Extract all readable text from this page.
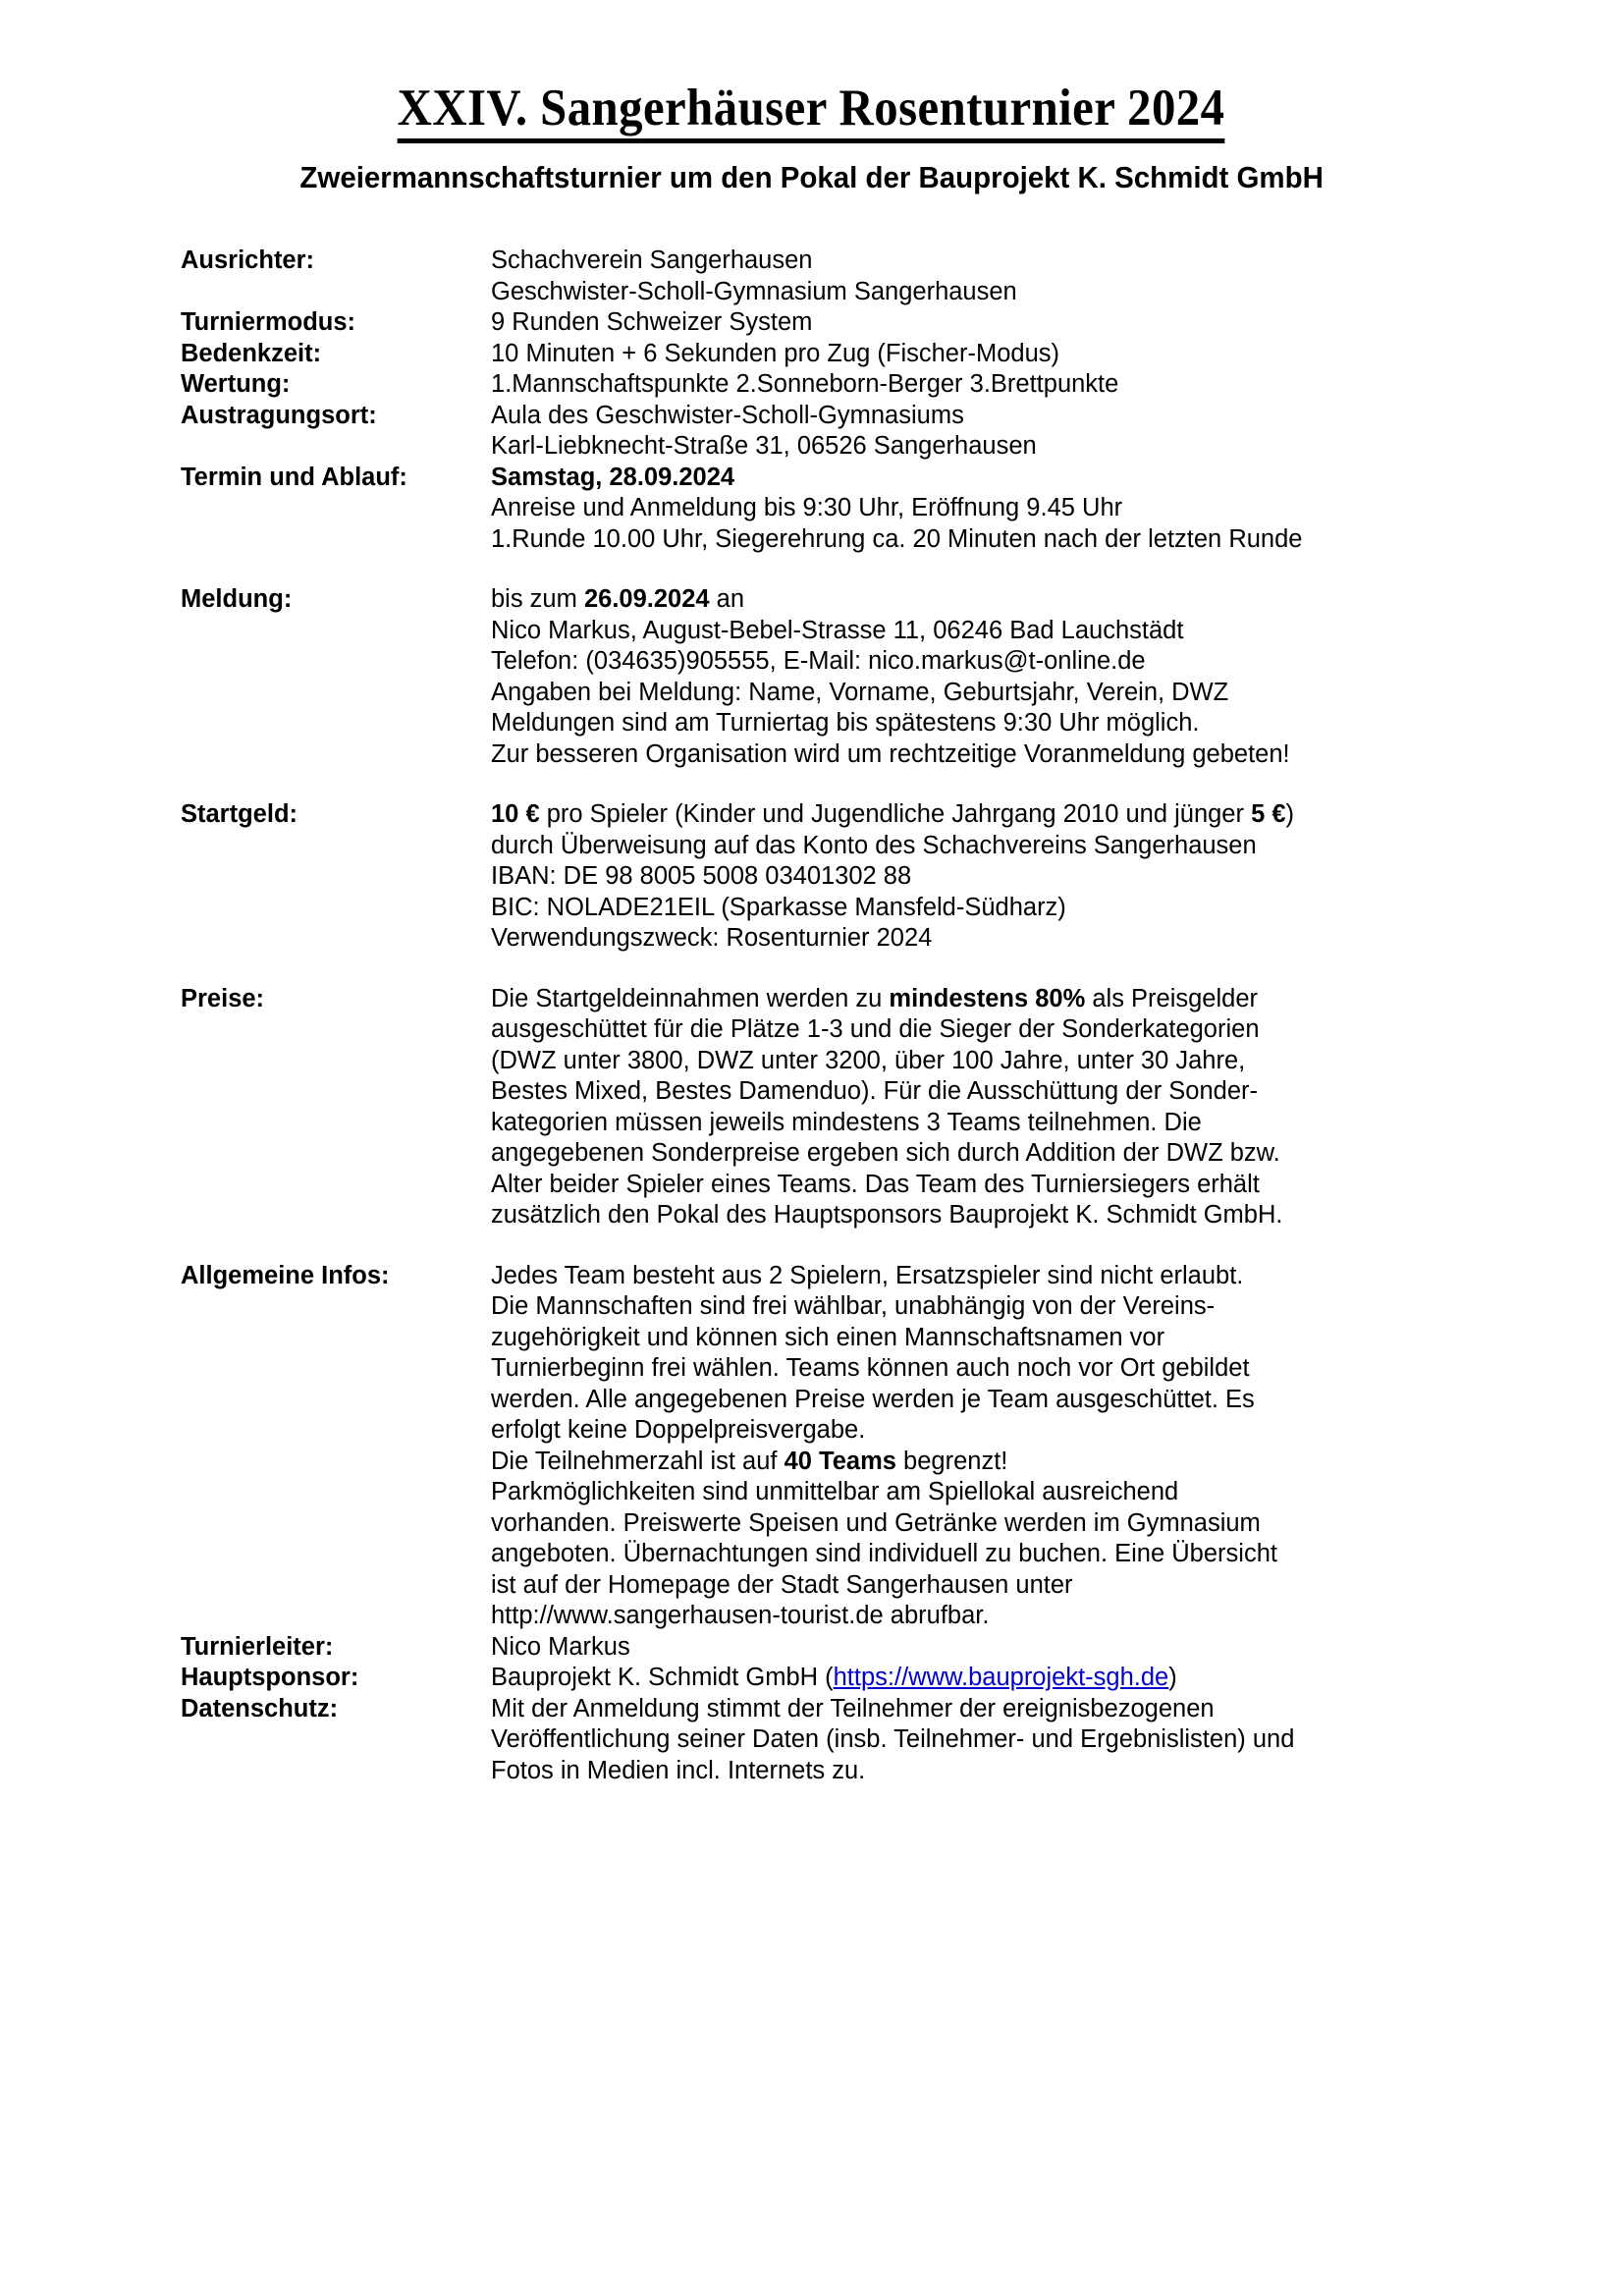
XXIV. Sangerhäuser Rosenturnier 2024
Zweiermannschaftsturnier um den Pokal der Bauprojekt K. Schmidt GmbH
Ausrichter:	Schachverein Sangerhausen
Geschwister-Scholl-Gymnasium Sangerhausen
Turniermodus:	9 Runden Schweizer System
Bedenkzeit:	10 Minuten + 6 Sekunden pro Zug (Fischer-Modus)
Wertung:	1.Mannschaftspunkte 2.Sonneborn-Berger 3.Brettpunkte
Austragungsort:	Aula des Geschwister-Scholl-Gymnasiums
Karl-Liebknecht-Straße 31, 06526 Sangerhausen
Termin und Ablauf:	Samstag, 28.09.2024
Anreise und Anmeldung bis 9:30 Uhr, Eröffnung 9.45 Uhr
1.Runde 10.00 Uhr, Siegerehrung ca. 20 Minuten nach der letzten Runde
Meldung:	bis zum 26.09.2024 an
Nico Markus, August-Bebel-Strasse 11, 06246 Bad Lauchstädt
Telefon: (034635)905555, E-Mail: nico.markus@t-online.de
Angaben bei Meldung: Name, Vorname, Geburtsjahr, Verein, DWZ
Meldungen sind am Turniertag bis spätestens 9:30 Uhr möglich.
Zur besseren Organisation wird um rechtzeitige Voranmeldung gebeten!
Startgeld:	10 € pro Spieler (Kinder und Jugendliche Jahrgang 2010 und jünger 5 €)
durch Überweisung auf das Konto des Schachvereins Sangerhausen
IBAN: DE 98 8005 5008 03401302 88
BIC: NOLADE21EIL (Sparkasse Mansfeld-Südharz)
Verwendungszweck: Rosenturnier 2024
Preise:	Die Startgeldeinnahmen werden zu mindestens 80% als Preisgelder
ausgeschüttet für die Plätze 1-3 und die Sieger der Sonderkategorien
(DWZ unter 3800, DWZ unter 3200, über 100 Jahre, unter 30 Jahre,
Bestes Mixed, Bestes Damenduo). Für die Ausschüttung der Sonder-
kategorien müssen jeweils mindestens 3 Teams teilnehmen. Die
angegebenen Sonderpreise ergeben sich durch Addition der DWZ bzw.
Alter beider Spieler eines Teams. Das Team des Turniersiegers erhält
zusätzlich den Pokal des Hauptsponsors Bauprojekt K. Schmidt GmbH.
Allgemeine Infos:	Jedes Team besteht aus 2 Spielern, Ersatzspieler sind nicht erlaubt.
Die Mannschaften sind frei wählbar, unabhängig von der Vereins-
zugehörigkeit und können sich einen Mannschaftsnamen vor
Turnierbeginn frei wählen. Teams können auch noch vor Ort gebildet
werden. Alle angegebenen Preise werden je Team ausgeschüttet. Es
erfolgt keine Doppelpreisvergabe.
Die Teilnehmerzahl ist auf 40 Teams begrenzt!
Parkmöglichkeiten sind unmittelbar am Spiellokal ausreichend
vorhanden. Preiswerte Speisen und Getränke werden im Gymnasium
angeboten. Übernachtungen sind individuell zu buchen. Eine Übersicht
ist auf der Homepage der Stadt Sangerhausen unter
http://www.sangerhausen-tourist.de abrufbar.
Turnierleiter:	Nico Markus
Hauptsponsor:	Bauprojekt K. Schmidt GmbH (https://www.bauprojekt-sgh.de)
Datenschutz:	Mit der Anmeldung stimmt der Teilnehmer der ereignisbezogenen
Veröffentlichung seiner Daten (insb. Teilnehmer- und Ergebnislisten) und
Fotos in Medien incl. Internets zu.
